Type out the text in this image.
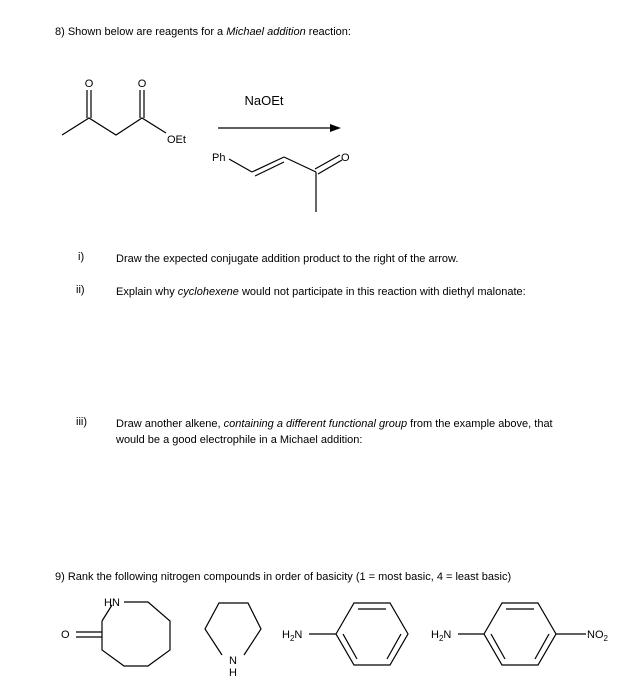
8) Shown below are reagents for a Michael addition reaction:
O	O
OEt
NaOEt
Ph	O
i)	Draw the expected conjugate addition product to the right of the arrow.
ii)	Explain why cyclohexene would not participate in this reaction with diethyl malonate:
iii)	Draw another alkene, containing a different functional group from the example above, that
would be a good electrophile in a Michael addition:
9) Rank the following nitrogen compounds in order of basicity (1 = most basic, 4 = least basic)
HN
O
N
H
$H_2N$	$H_2N$	$NO_2$
